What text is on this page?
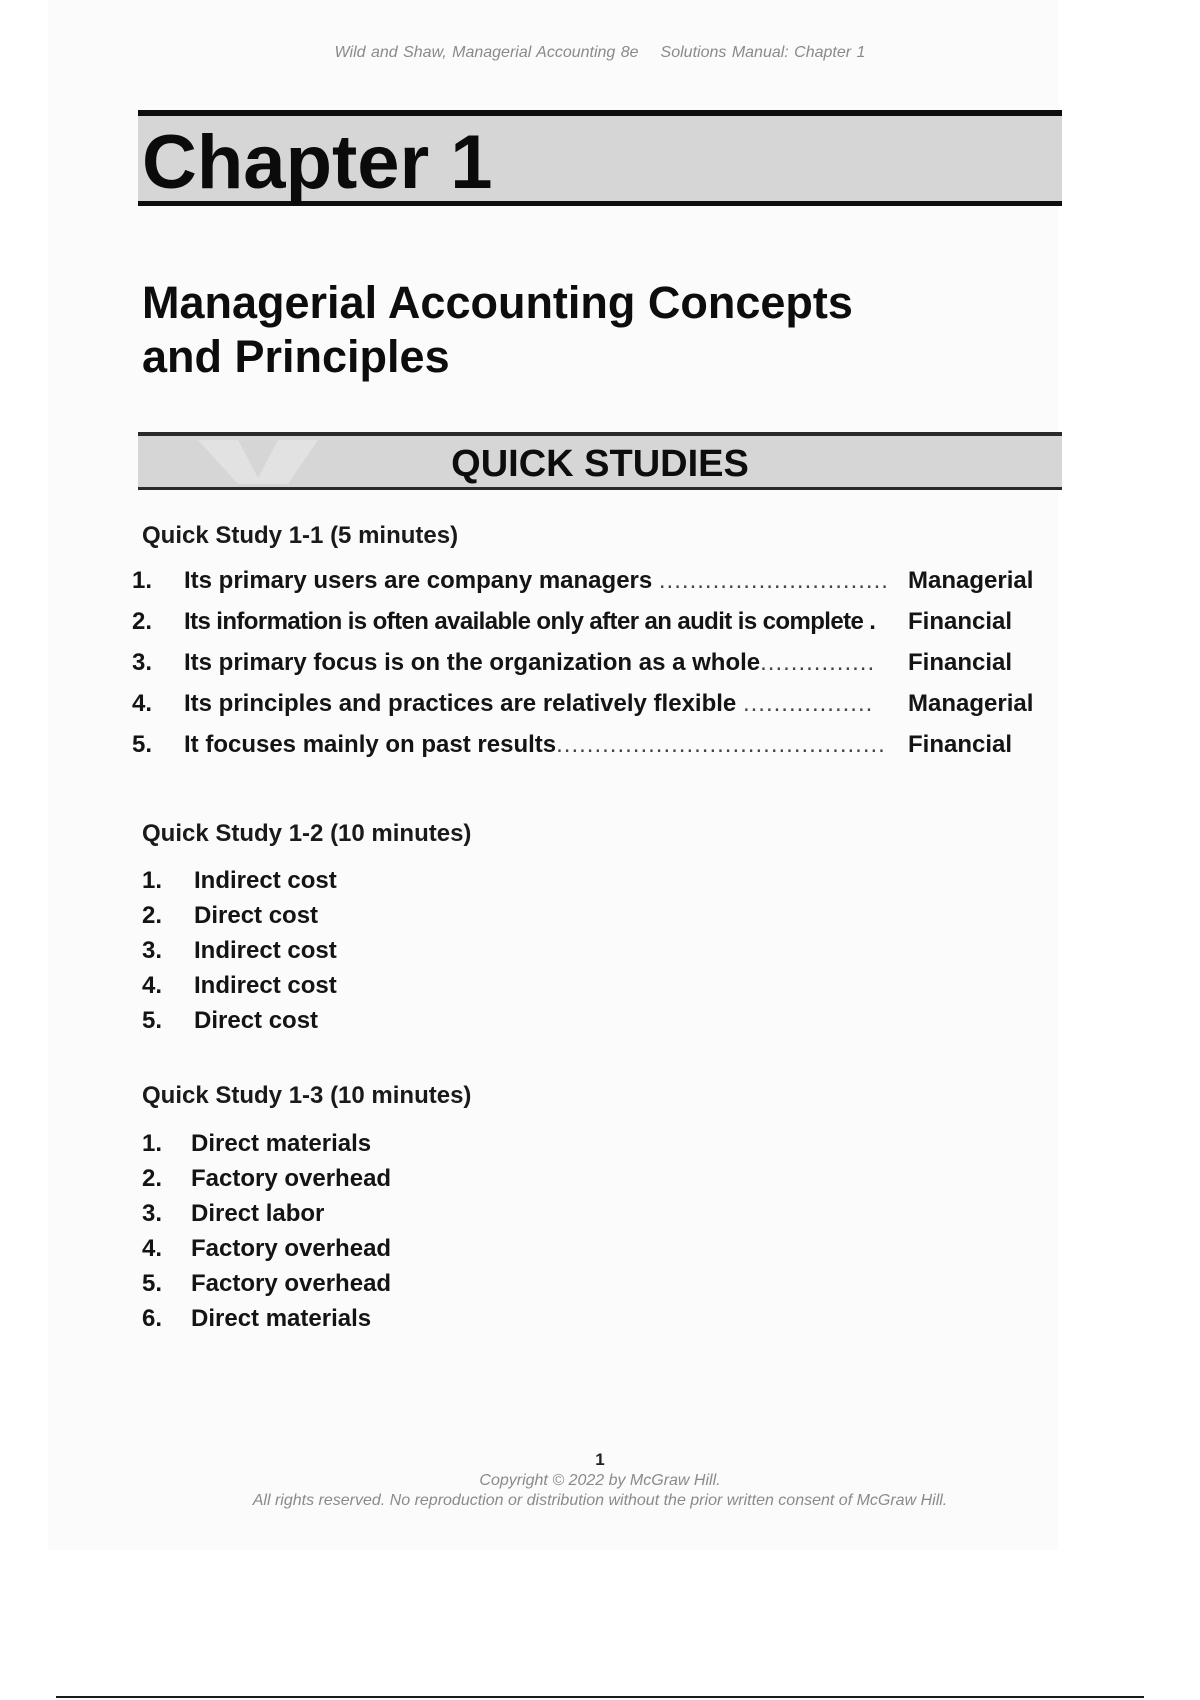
Wild and Shaw, Managerial Accounting 8e Solutions Manual: Chapter 1
Chapter 1
Managerial Accounting Concepts
and Principles
QUICK STUDIES
Quick Study 1-1 (5 minutes)
1.	Its primary users are company managers .............................. Managerial
2.	Its information is often available only after an audit is complete .	Financial
3.	Its primary focus is on the organization as a whole...............	Financial
4.	Its principles and practices are relatively flexible .................	Managerial
5.	It focuses mainly on past results........................................... Financial
Quick Study 1-2 (10 minutes)
1. Indirect cost
2. Direct cost
3. Indirect cost
4. Indirect cost
5. Direct cost
Quick Study 1-3 (10 minutes)
1. Direct materials
2. Factory overhead
3. Direct labor
4. Factory overhead
5. Factory overhead
6. Direct materials
1
Copyright © 2022 by McGraw Hill.
All rights reserved. No reproduction or distribution without the prior written consent of McGraw Hill.
